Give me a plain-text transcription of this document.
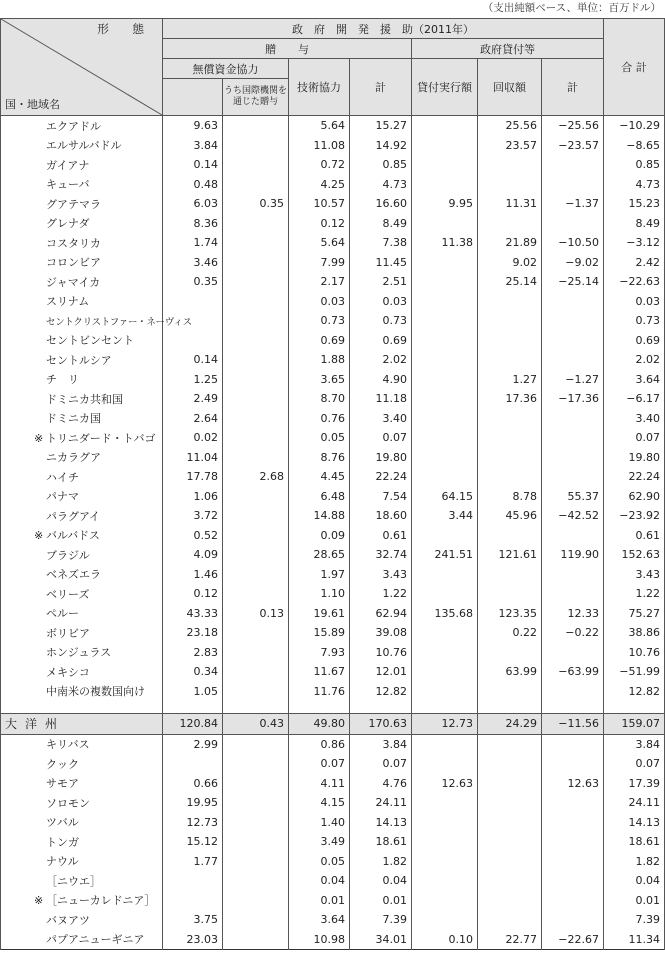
（支出純額ベース、単位：百万ドル）
形 態
国・地域名	政　府　開　発　援　助（2011年）							合 計
	贈　　与				政府貸付等			
	無償資金協力		技術協力	計	貸付実行額	回収額	計	
		うち国際機関を通じた贈与						
エクアドル	9.63		5.64	15.27		25.56	−25.56	−10.29
エルサルバドル	3.84		11.08	14.92		23.57	−23.57	−8.65
ガイアナ	0.14		0.72	0.85				0.85
キューバ	0.48		4.25	4.73				4.73
グアテマラ	6.03	0.35	10.57	16.60	9.95	11.31	−1.37	15.23
グレナダ	8.36		0.12	8.49				8.49
コスタリカ	1.74		5.64	7.38	11.38	21.89	−10.50	−3.12
コロンビア	3.46		7.99	11.45		9.02	−9.02	2.42
ジャマイカ	0.35		2.17	2.51		25.14	−25.14	−22.63
スリナム			0.03	0.03				0.03
セントクリストファー・ネーヴィス			0.73	0.73				0.73
セントビンセント			0.69	0.69				0.69
セントルシア	0.14		1.88	2.02				2.02
チ　リ	1.25		3.65	4.90		1.27	−1.27	3.64
ドミニカ共和国	2.49		8.70	11.18		17.36	−17.36	−6.17
ドミニカ国	2.64		0.76	3.40				3.40
※ トリニダード・トバゴ	0.02		0.05	0.07				0.07
ニカラグア	11.04		8.76	19.80				19.80
ハイチ	17.78	2.68	4.45	22.24				22.24
パナマ	1.06		6.48	7.54	64.15	8.78	55.37	62.90
パラグアイ	3.72		14.88	18.60	3.44	45.96	−42.52	−23.92
※ バルバドス	0.52		0.09	0.61				0.61
ブラジル	4.09		28.65	32.74	241.51	121.61	119.90	152.63
ベネズエラ	1.46		1.97	3.43				3.43
ベリーズ	0.12		1.10	1.22				1.22
ペルー	43.33	0.13	19.61	62.94	135.68	123.35	12.33	75.27
ボリビア	23.18		15.89	39.08		0.22	−0.22	38.86
ホンジュラス	2.83		7.93	10.76				10.76
メキシコ	0.34		11.67	12.01		63.99	−63.99	−51.99
中南米の複数国向け	1.05		11.76	12.82				12.82

大洋州	120.84	0.43	49.80	170.63	12.73	24.29	−11.56	159.07
キリバス	2.99		0.86	3.84				3.84
クック			0.07	0.07				0.07
サモア	0.66		4.11	4.76	12.63		12.63	17.39
ソロモン	19.95		4.15	24.11				24.11
ツバル	12.73		1.40	14.13				14.13
トンガ	15.12		3.49	18.61				18.61
ナウル	1.77		0.05	1.82				1.82
［ニウエ］			0.04	0.04				0.04
※ ［ニューカレドニア］			0.01	0.01				0.01
バヌアツ	3.75		3.64	7.39				7.39
パプアニューギニア	23.03		10.98	34.01	0.10	22.77	−22.67	11.34
